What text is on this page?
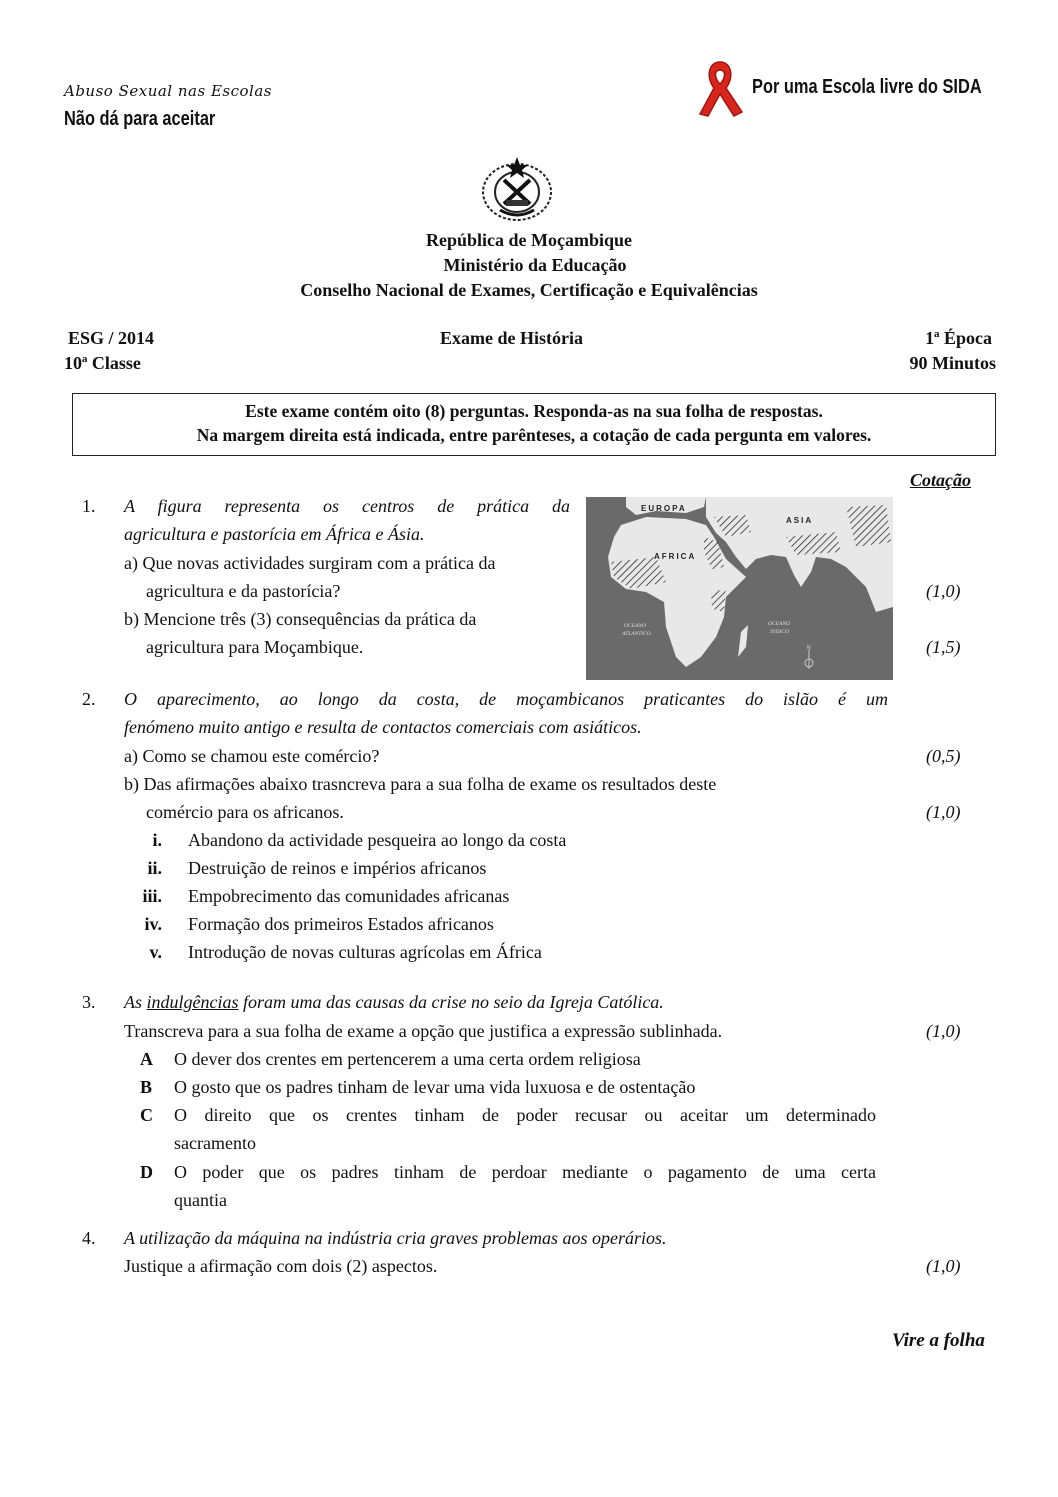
Abuso Sexual nas Escolas
Não dá para aceitar
Por uma Escola livre do SIDA
República de Moçambique
Ministério da Educação
Conselho Nacional de Exames, Certificação e Equivalências
ESG / 2014
10ª Classe
Exame de História	1ª Época
90 Minutos
Este exame contém oito (8) perguntas. Responda-as na sua folha de respostas.
Na margem direita está indicada, entre parênteses, a cotação de cada pergunta em valores.
Cotação
1. A figura representa os centros de prática da
agricultura e pastorícia em África e Ásia.
a) Que novas actividades surgiram com a prática da
agricultura e da pastorícia?	(1,0)
b) Mencione três (3) consequências da prática da
agricultura para Moçambique.	(1,5)
EUROPA
ASIA
AFRICA
OCEANO
ATLANTICO
OCEANO
INDICO
N
2. O aparecimento, ao longo da costa, de moçambicanos praticantes do islão é um
fenómeno muito antigo e resulta de contactos comerciais com asiáticos.
a) Como se chamou este comércio?	(0,5)
b) Das afirmações abaixo trasncreva para a sua folha de exame os resultados deste
comércio para os africanos.	(1,0)
i. Abandono da actividade pesqueira ao longo da costa
ii. Destruição de reinos e impérios africanos
iii. Empobrecimento das comunidades africanas
iv. Formação dos primeiros Estados africanos
v. Introdução de novas culturas agrícolas em África
3. As indulgências foram uma das causas da crise no seio da Igreja Católica.
Transcreva para a sua folha de exame a opção que justifica a expressão sublinhada.	(1,0)
A O dever dos crentes em pertencerem a uma certa ordem religiosa
B O gosto que os padres tinham de levar uma vida luxuosa e de ostentação
C O direito que os crentes tinham de poder recusar ou aceitar um determinado
sacramento
D O poder que os padres tinham de perdoar mediante o pagamento de uma certa
quantia
4. A utilização da máquina na indústria cria graves problemas aos operários.
Justique a afirmação com dois (2) aspectos.	(1,0)
Vire a folha
